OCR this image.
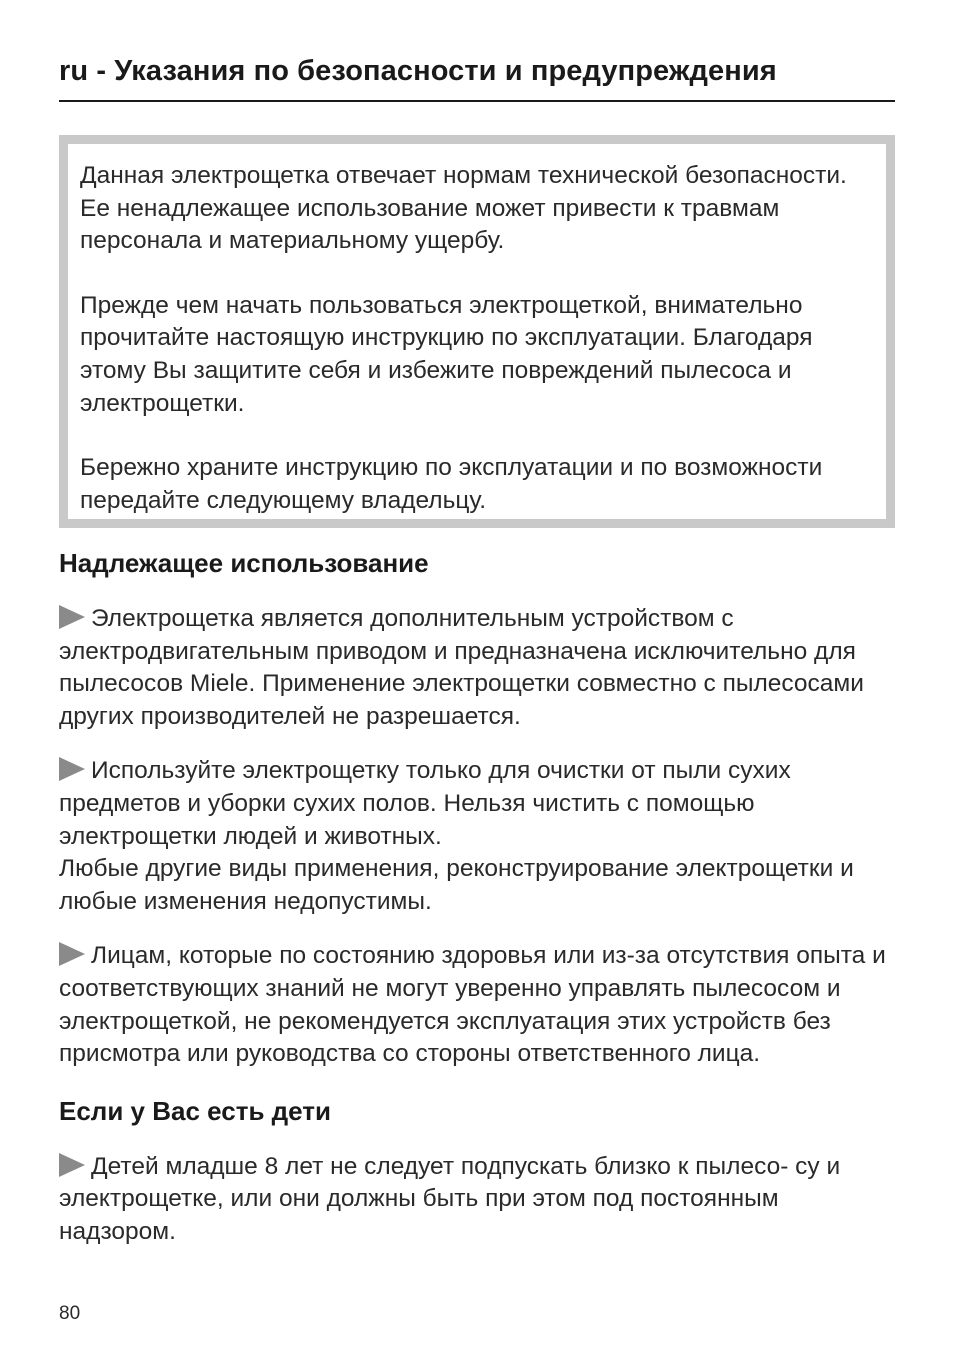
ru - Указания по безопасности и предупреждения

Данная электрощетка отвечает нормам технической безопасности. Ее ненадлежащее использование может привести к травмам персонала и материальному ущербу.

Прежде чем начать пользоваться электрощеткой, внимательно прочитайте настоящую инструкцию по эксплуатации. Благодаря этому Вы защитите себя и избежите повреждений пылесоса и электрощетки.

Бережно храните инструкцию по эксплуатации и по возможности передайте следующему владельцу.

Надлежащее использование

Электрощетка является дополнительным устройством с электродвигательным приводом и предназначена исключительно для пылесосов Miele. Применение электрощетки совместно с пылесосами других производителей не разрешается.

Используйте электрощетку только для очистки от пыли сухих предметов и уборки сухих полов. Нельзя чистить с помощью электрощетки людей и животных.
Любые другие виды применения, реконструирование электрощетки и любые изменения недопустимы.

Лицам, которые по состоянию здоровья или из-за отсутствия опыта и соответствующих знаний не могут уверенно управлять пылесосом и электрощеткой, не рекомендуется эксплуатация этих устройств без присмотра или руководства со стороны ответственного лица.

Если у Вас есть дети

Детей младше 8 лет не следует подпускать близко к пылесо- су и электрощетке, или они должны быть при этом под постоянным надзором.

80
